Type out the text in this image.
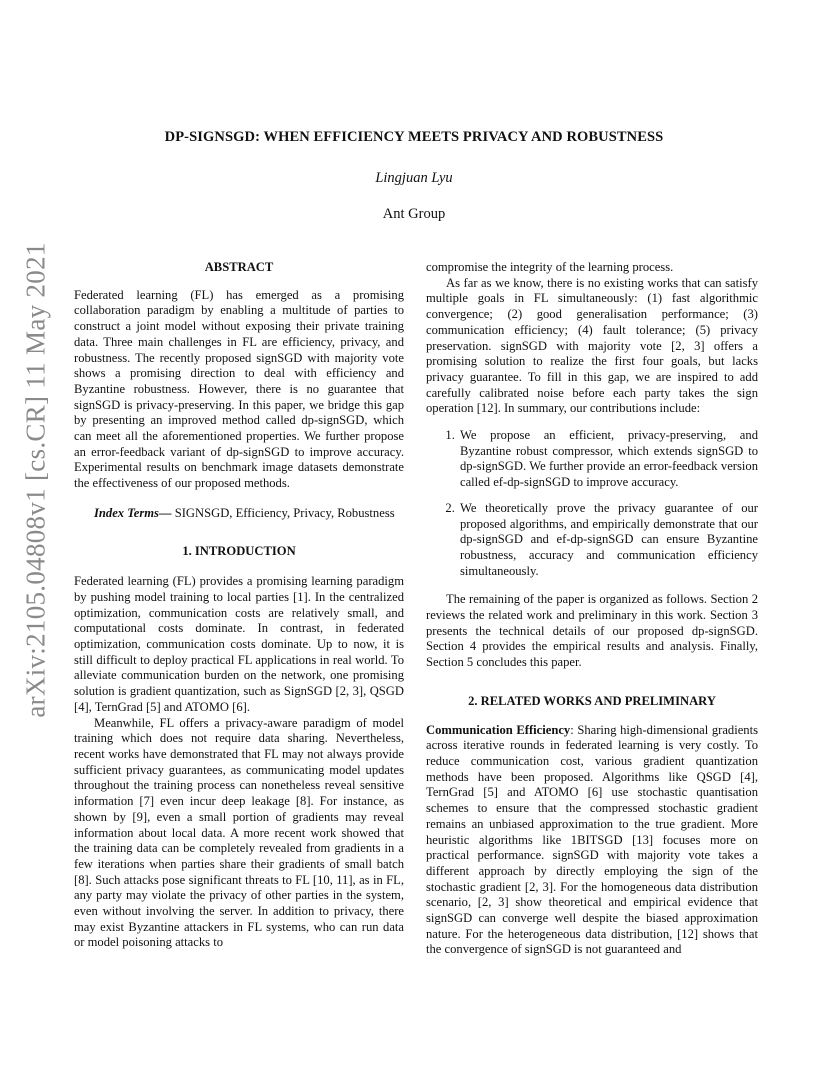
DP-SIGNSGD: WHEN EFFICIENCY MEETS PRIVACY AND ROBUSTNESS
Lingjuan Lyu
Ant Group
arXiv:2105.04808v1 [cs.CR] 11 May 2021	ABSTRACT

Federated learning (FL) has emerged as a promising collaboration paradigm by enabling a multitude of parties to construct a joint model without exposing their private training data. Three main challenges in FL are efficiency, privacy, and robustness. The recently proposed signSGD with majority vote shows a promising direction to deal with efficiency and Byzantine robustness. However, there is no guarantee that signSGD is privacy-preserving. In this paper, we bridge this gap by presenting an improved method called dp-signSGD, which can meet all the aforementioned properties. We further propose an error-feedback variant of dp-signSGD to improve accuracy. Experimental results on benchmark image datasets demonstrate the effectiveness of our proposed methods.

Index Terms— SIGNSGD, Efficiency, Privacy, Robustness

1. INTRODUCTION

Federated learning (FL) provides a promising learning paradigm by pushing model training to local parties [1]. In the centralized optimization, communication costs are relatively small, and computational costs dominate. In contrast, in federated optimization, communication costs dominate. Up to now, it is still difficult to deploy practical FL applications in real world. To alleviate communication burden on the network, one promising solution is gradient quantization, such as SignSGD [2, 3], QSGD [4], TernGrad [5] and ATOMO [6].

Meanwhile, FL offers a privacy-aware paradigm of model training which does not require data sharing. Nevertheless, recent works have demonstrated that FL may not always provide sufficient privacy guarantees, as communicating model updates throughout the training process can nonetheless reveal sensitive information [7] even incur deep leakage [8]. For instance, as shown by [9], even a small portion of gradients may reveal information about local data. A more recent work showed that the training data can be completely revealed from gradients in a few iterations when parties share their gradients of small batch [8]. Such attacks pose significant threats to FL [10, 11], as in FL, any party may violate the privacy of other parties in the system, even without involving the server. In addition to privacy, there may exist Byzantine attackers in FL systems, who can run data or model poisoning attacks to

compromise the integrity of the learning process.

As far as we know, there is no existing works that can satisfy multiple goals in FL simultaneously: (1) fast algorithmic convergence; (2) good generalisation performance; (3) communication efficiency; (4) fault tolerance; (5) privacy preservation. signSGD with majority vote [2, 3] offers a promising solution to realize the first four goals, but lacks privacy guarantee. To fill in this gap, we are inspired to add carefully calibrated noise before each party takes the sign operation [12]. In summary, our contributions include:

1. We propose an efficient, privacy-preserving, and Byzantine robust compressor, which extends signSGD to dp-signSGD. We further provide an error-feedback version called ef-dp-signSGD to improve accuracy.
2. We theoretically prove the privacy guarantee of our proposed algorithms, and empirically demonstrate that our dp-signSGD and ef-dp-signSGD can ensure Byzantine robustness, accuracy and communication efficiency simultaneously.

The remaining of the paper is organized as follows. Section 2 reviews the related work and preliminary in this work. Section 3 presents the technical details of our proposed dp-signSGD. Section 4 provides the empirical results and analysis. Finally, Section 5 concludes this paper.

2. RELATED WORKS AND PRELIMINARY

Communication Efficiency: Sharing high-dimensional gradients across iterative rounds in federated learning is very costly. To reduce communication cost, various gradient quantization methods have been proposed. Algorithms like QSGD [4], TernGrad [5] and ATOMO [6] use stochastic quantisation schemes to ensure that the compressed stochastic gradient remains an unbiased approximation to the true gradient. More heuristic algorithms like 1BITSGD [13] focuses more on practical performance. signSGD with majority vote takes a different approach by directly employing the sign of the stochastic gradient [2, 3]. For the homogeneous data distribution scenario, [2, 3] show theoretical and empirical evidence that signSGD can converge well despite the biased approximation nature. For the heterogeneous data distribution, [12] shows that the convergence of signSGD is not guaranteed and
